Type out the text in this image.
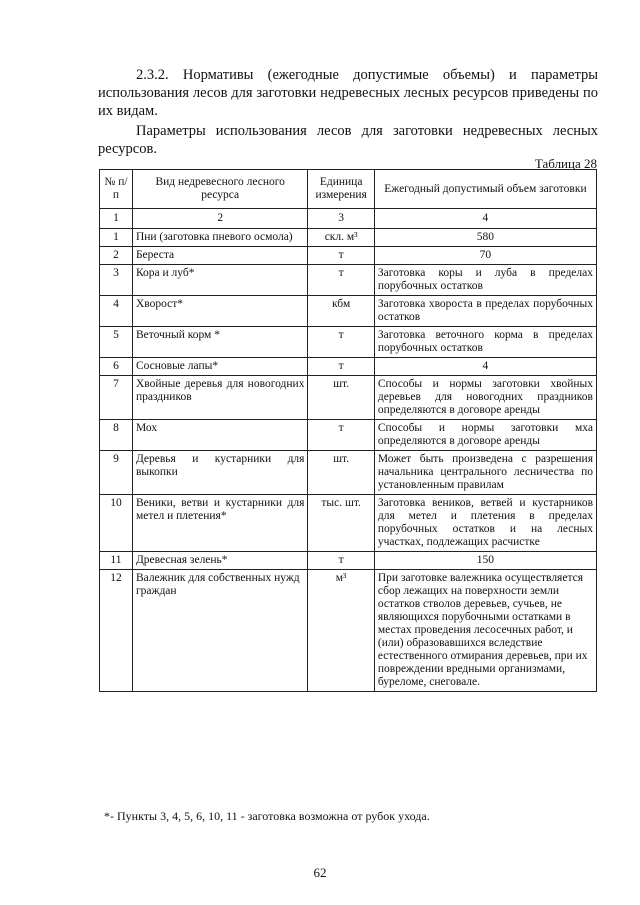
2.3.2. Нормативы (ежегодные допустимые объемы) и параметры использования лесов для заготовки недревесных лесных ресурсов приведены по их видам.

Параметры использования лесов для заготовки недревесных лесных ресурсов.

Таблица 28
№ п/п	Вид недревесного лесного ресурса	Единица измерения	Ежегодный допустимый объем заготовки
1	2	3	4
1	Пни (заготовка пневого осмола)	скл. м³	580
2	Береста	т	70
3	Кора и луб*	т	Заготовка коры и луба в пределах порубочных остатков
4	Хворост*	кбм	Заготовка хвороста в пределах порубочных остатков
5	Веточный корм *	т	Заготовка веточного корма в пределах порубочных остатков
6	Сосновые лапы*	т	4
7	Хвойные деревья для новогодних праздников	шт.	Способы и нормы заготовки хвойных деревьев для новогодних праздников определяются в договоре аренды
8	Мох	т	Способы и нормы заготовки мха определяются в договоре аренды
9	Деревья и кустарники для выкопки	шт.	Может быть произведена с разрешения начальника центрального лесничества по установленным правилам
10	Веники, ветви и кустарники для метел и плетения*	тыс. шт.	Заготовка веников, ветвей и кустарников для метел и плетения в пределах порубочных остатков и на лесных участках, подлежащих расчистке
11	Древесная зелень*	т	150
12	Валежник для собственных нужд граждан	м³	При заготовке валежника осуществляется сбор лежащих на поверхности земли остатков стволов деревьев, сучьев, не являющихся порубочными остатками в местах проведения лесосечных работ, и (или) образовавшихся вследствие естественного отмирания деревьев, при их повреждении вредными организмами, буреломе, снеговале.
*- Пункты 3, 4, 5, 6, 10, 11 - заготовка возможна от рубок ухода.
62
